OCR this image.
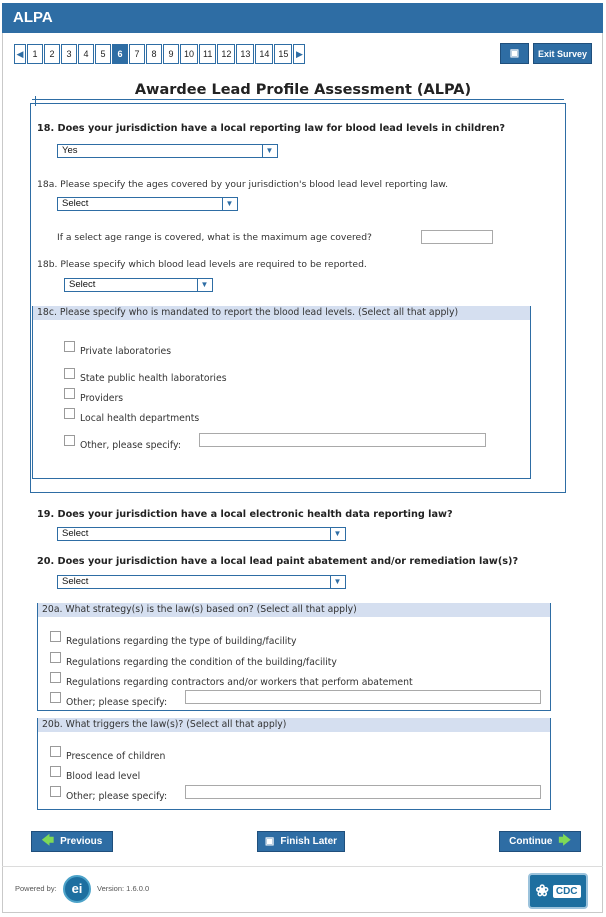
ALPA
◀	1	2	3	4	5	6	7	8	9	10	11	12	13	14	15 ▶	▣	Exit Survey
Awardee Lead Profile Assessment (ALPA)
18. Does your jurisdiction have a local reporting law for blood lead levels in children?
Yes	▼
18a. Please specify the ages covered by your jurisdiction's blood lead level reporting law.
Select	▼
If a select age range is covered, what is the maximum age covered?
18b. Please specify which blood lead levels are required to be reported.
Select	▼
18c. Please specify who is mandated to report the blood lead levels. (Select all that apply)
Private laboratories
State public health laboratories
Providers
Local health departments
Other, please specify:
19. Does your jurisdiction have a local electronic health data reporting law?
Select	▼
20. Does your jurisdiction have a local lead paint abatement and/or remediation law(s)?
Select	▼
20a. What strategy(s) is the law(s) based on? (Select all that apply)
Regulations regarding the type of building/facility
Regulations regarding the condition of the building/facility
Regulations regarding contractors and/or workers that perform abatement
Other; please specify:
20b. What triggers the law(s)? (Select all that apply)
Prescence of children
Blood lead level
Other; please specify:
🡄 Previous	▣ Finish Later	Continue 🡆
Powered by:	ei	Version: 1.6.0.0	❀ CDC
